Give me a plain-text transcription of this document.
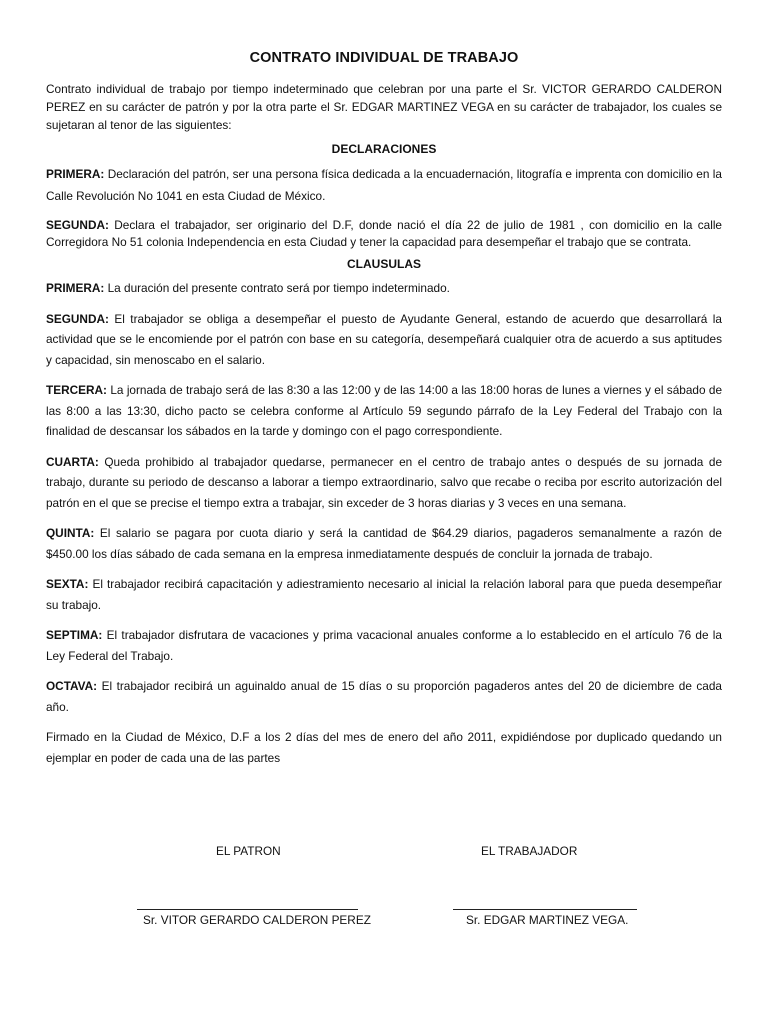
CONTRATO INDIVIDUAL DE TRABAJO

Contrato individual de trabajo por tiempo indeterminado que celebran por una parte el Sr. VICTOR GERARDO CALDERON PEREZ en su carácter de patrón y por la otra parte el Sr. EDGAR MARTINEZ VEGA en su carácter de trabajador, los cuales se sujetaran al tenor de las siguientes:

DECLARACIONES

PRIMERA: Declaración del patrón, ser una persona física dedicada a la encuadernación, litografía e imprenta con domicilio en la Calle Revolución No 1041 en esta Ciudad de México.

SEGUNDA: Declara el trabajador, ser originario del D.F, donde nació el día 22 de julio de 1981 , con domicilio en la calle Corregidora No 51 colonia Independencia en esta Ciudad y tener la capacidad para desempeñar el trabajo que se contrata.

CLAUSULAS

PRIMERA: La duración del presente contrato será por tiempo indeterminado.

SEGUNDA: El trabajador se obliga a desempeñar el puesto de Ayudante General, estando de acuerdo que desarrollará la actividad que se le encomiende por el patrón con base en su categoría, desempeñará cualquier otra de acuerdo a sus aptitudes y capacidad, sin menoscabo en el salario.

TERCERA: La jornada de trabajo será de las 8:30 a las 12:00 y de las 14:00 a las 18:00 horas de lunes a viernes y el sábado de las 8:00 a las 13:30, dicho pacto se celebra conforme al Artículo 59 segundo párrafo de la Ley Federal del Trabajo con la finalidad de descansar los sábados en la tarde y domingo con el pago correspondiente.

CUARTA: Queda prohibido al trabajador quedarse, permanecer en el centro de trabajo antes o después de su jornada de trabajo, durante su periodo de descanso a laborar a tiempo extraordinario, salvo que recabe o reciba por escrito autorización del patrón en el que se precise el tiempo extra a trabajar, sin exceder de 3 horas diarias y 3 veces en una semana.

QUINTA: El salario se pagara por cuota diario y será la cantidad de $64.29 diarios, pagaderos semanalmente a razón de $450.00 los días sábado de cada semana en la empresa inmediatamente después de concluir la jornada de trabajo.

SEXTA: El trabajador recibirá capacitación y adiestramiento necesario al inicial la relación laboral para que pueda desempeñar su trabajo.

SEPTIMA: El trabajador disfrutara de vacaciones y prima vacacional anuales conforme a lo establecido en el artículo 76 de la Ley Federal del Trabajo.

OCTAVA: El trabajador recibirá un aguinaldo anual de 15 días o su proporción pagaderos antes del 20 de diciembre de cada año.

Firmado en la Ciudad de México, D.F a los 2 días del mes de enero del año 2011, expidiéndose por duplicado quedando un ejemplar en poder de cada una de las partes

EL PATRON	EL TRABAJADOR
Sr. VITOR GERARDO CALDERON PEREZ	Sr. EDGAR MARTINEZ VEGA.
